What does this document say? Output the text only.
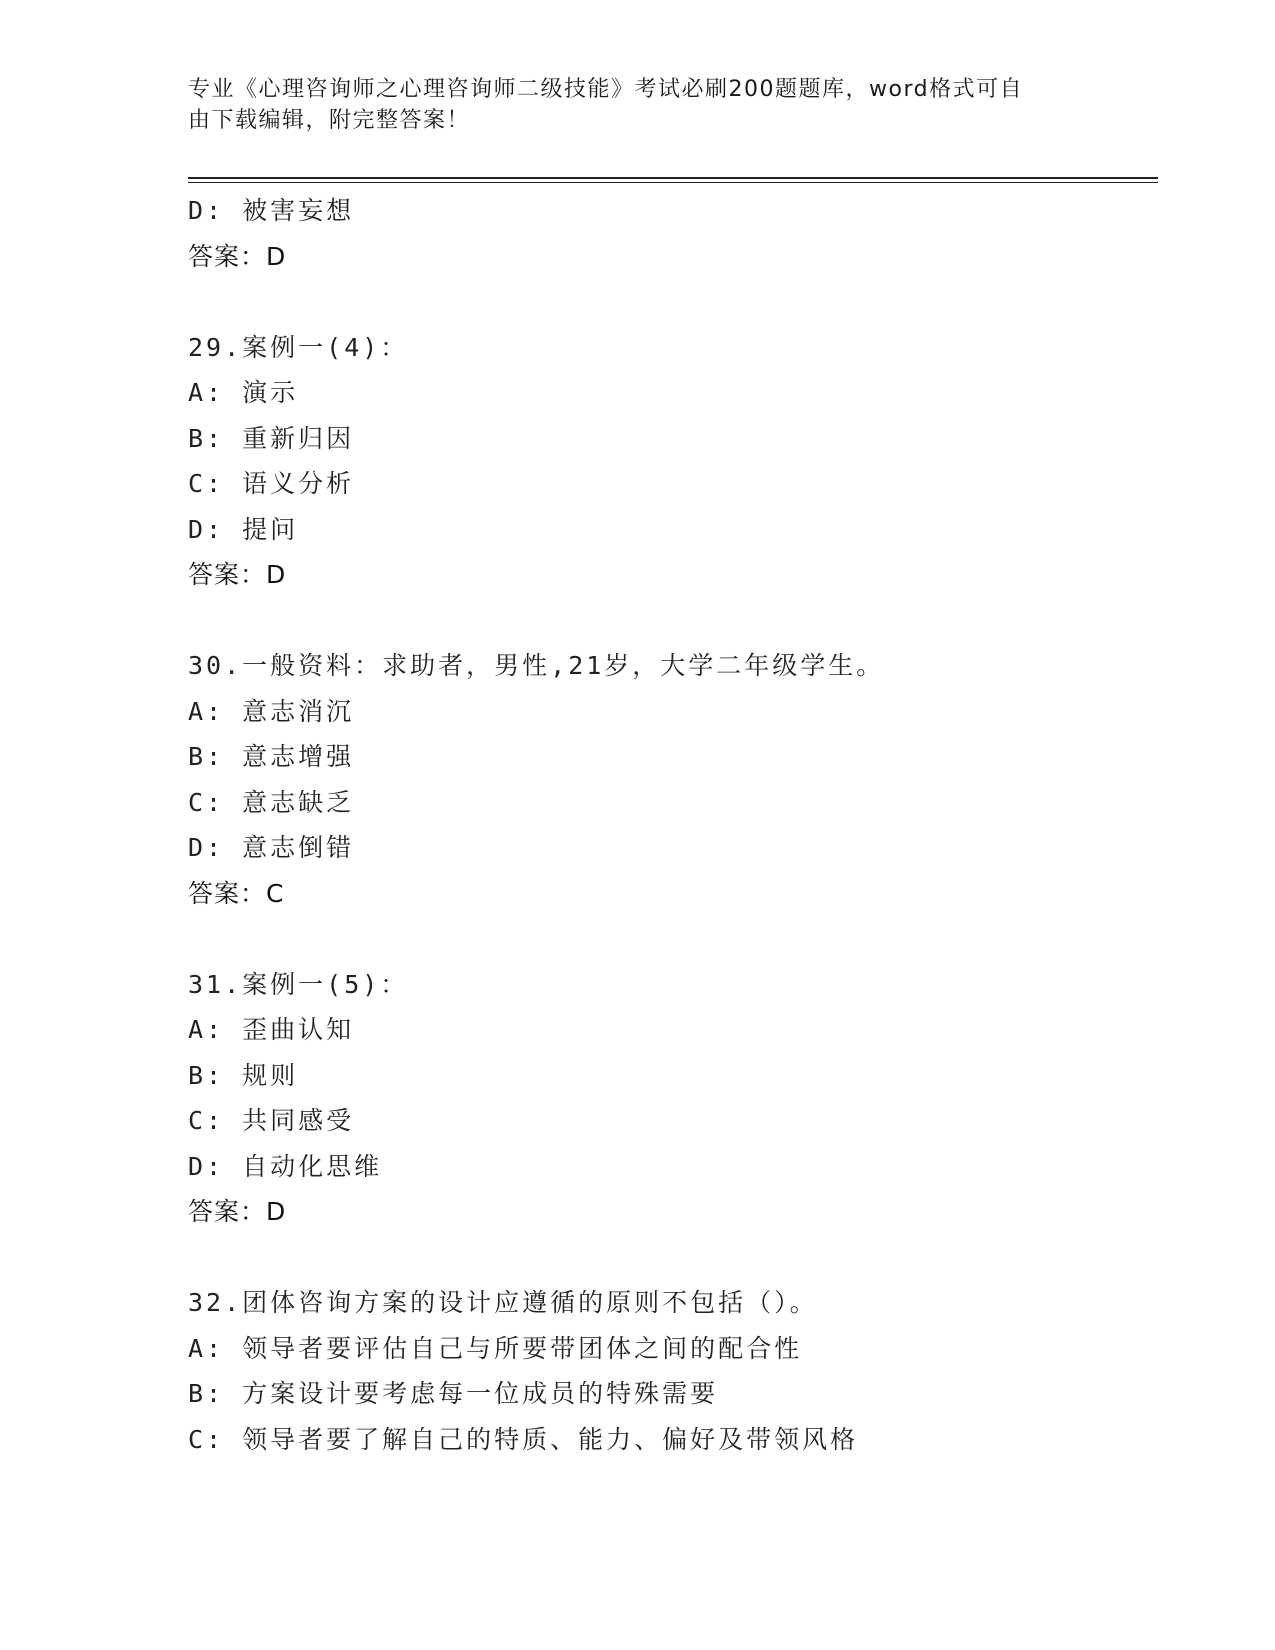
专业《心理咨询师之心理咨询师二级技能》考试必刷200题题库，word格式可自
由下载编辑，附完整答案！
D: 被害妄想
答案：D
29.案例一(4)：
A: 演示
B: 重新归因
C: 语义分析
D: 提问
答案：D
30.一般资料：求助者，男性,21岁，大学二年级学生。
A: 意志消沉
B: 意志增强
C: 意志缺乏
D: 意志倒错
答案：C
31.案例一(5)：
A: 歪曲认知
B: 规则
C: 共同感受
D: 自动化思维
答案：D
32.团体咨询方案的设计应遵循的原则不包括（）。
A: 领导者要评估自己与所要带团体之间的配合性
B: 方案设计要考虑每一位成员的特殊需要
C: 领导者要了解自己的特质、能力、偏好及带领风格
